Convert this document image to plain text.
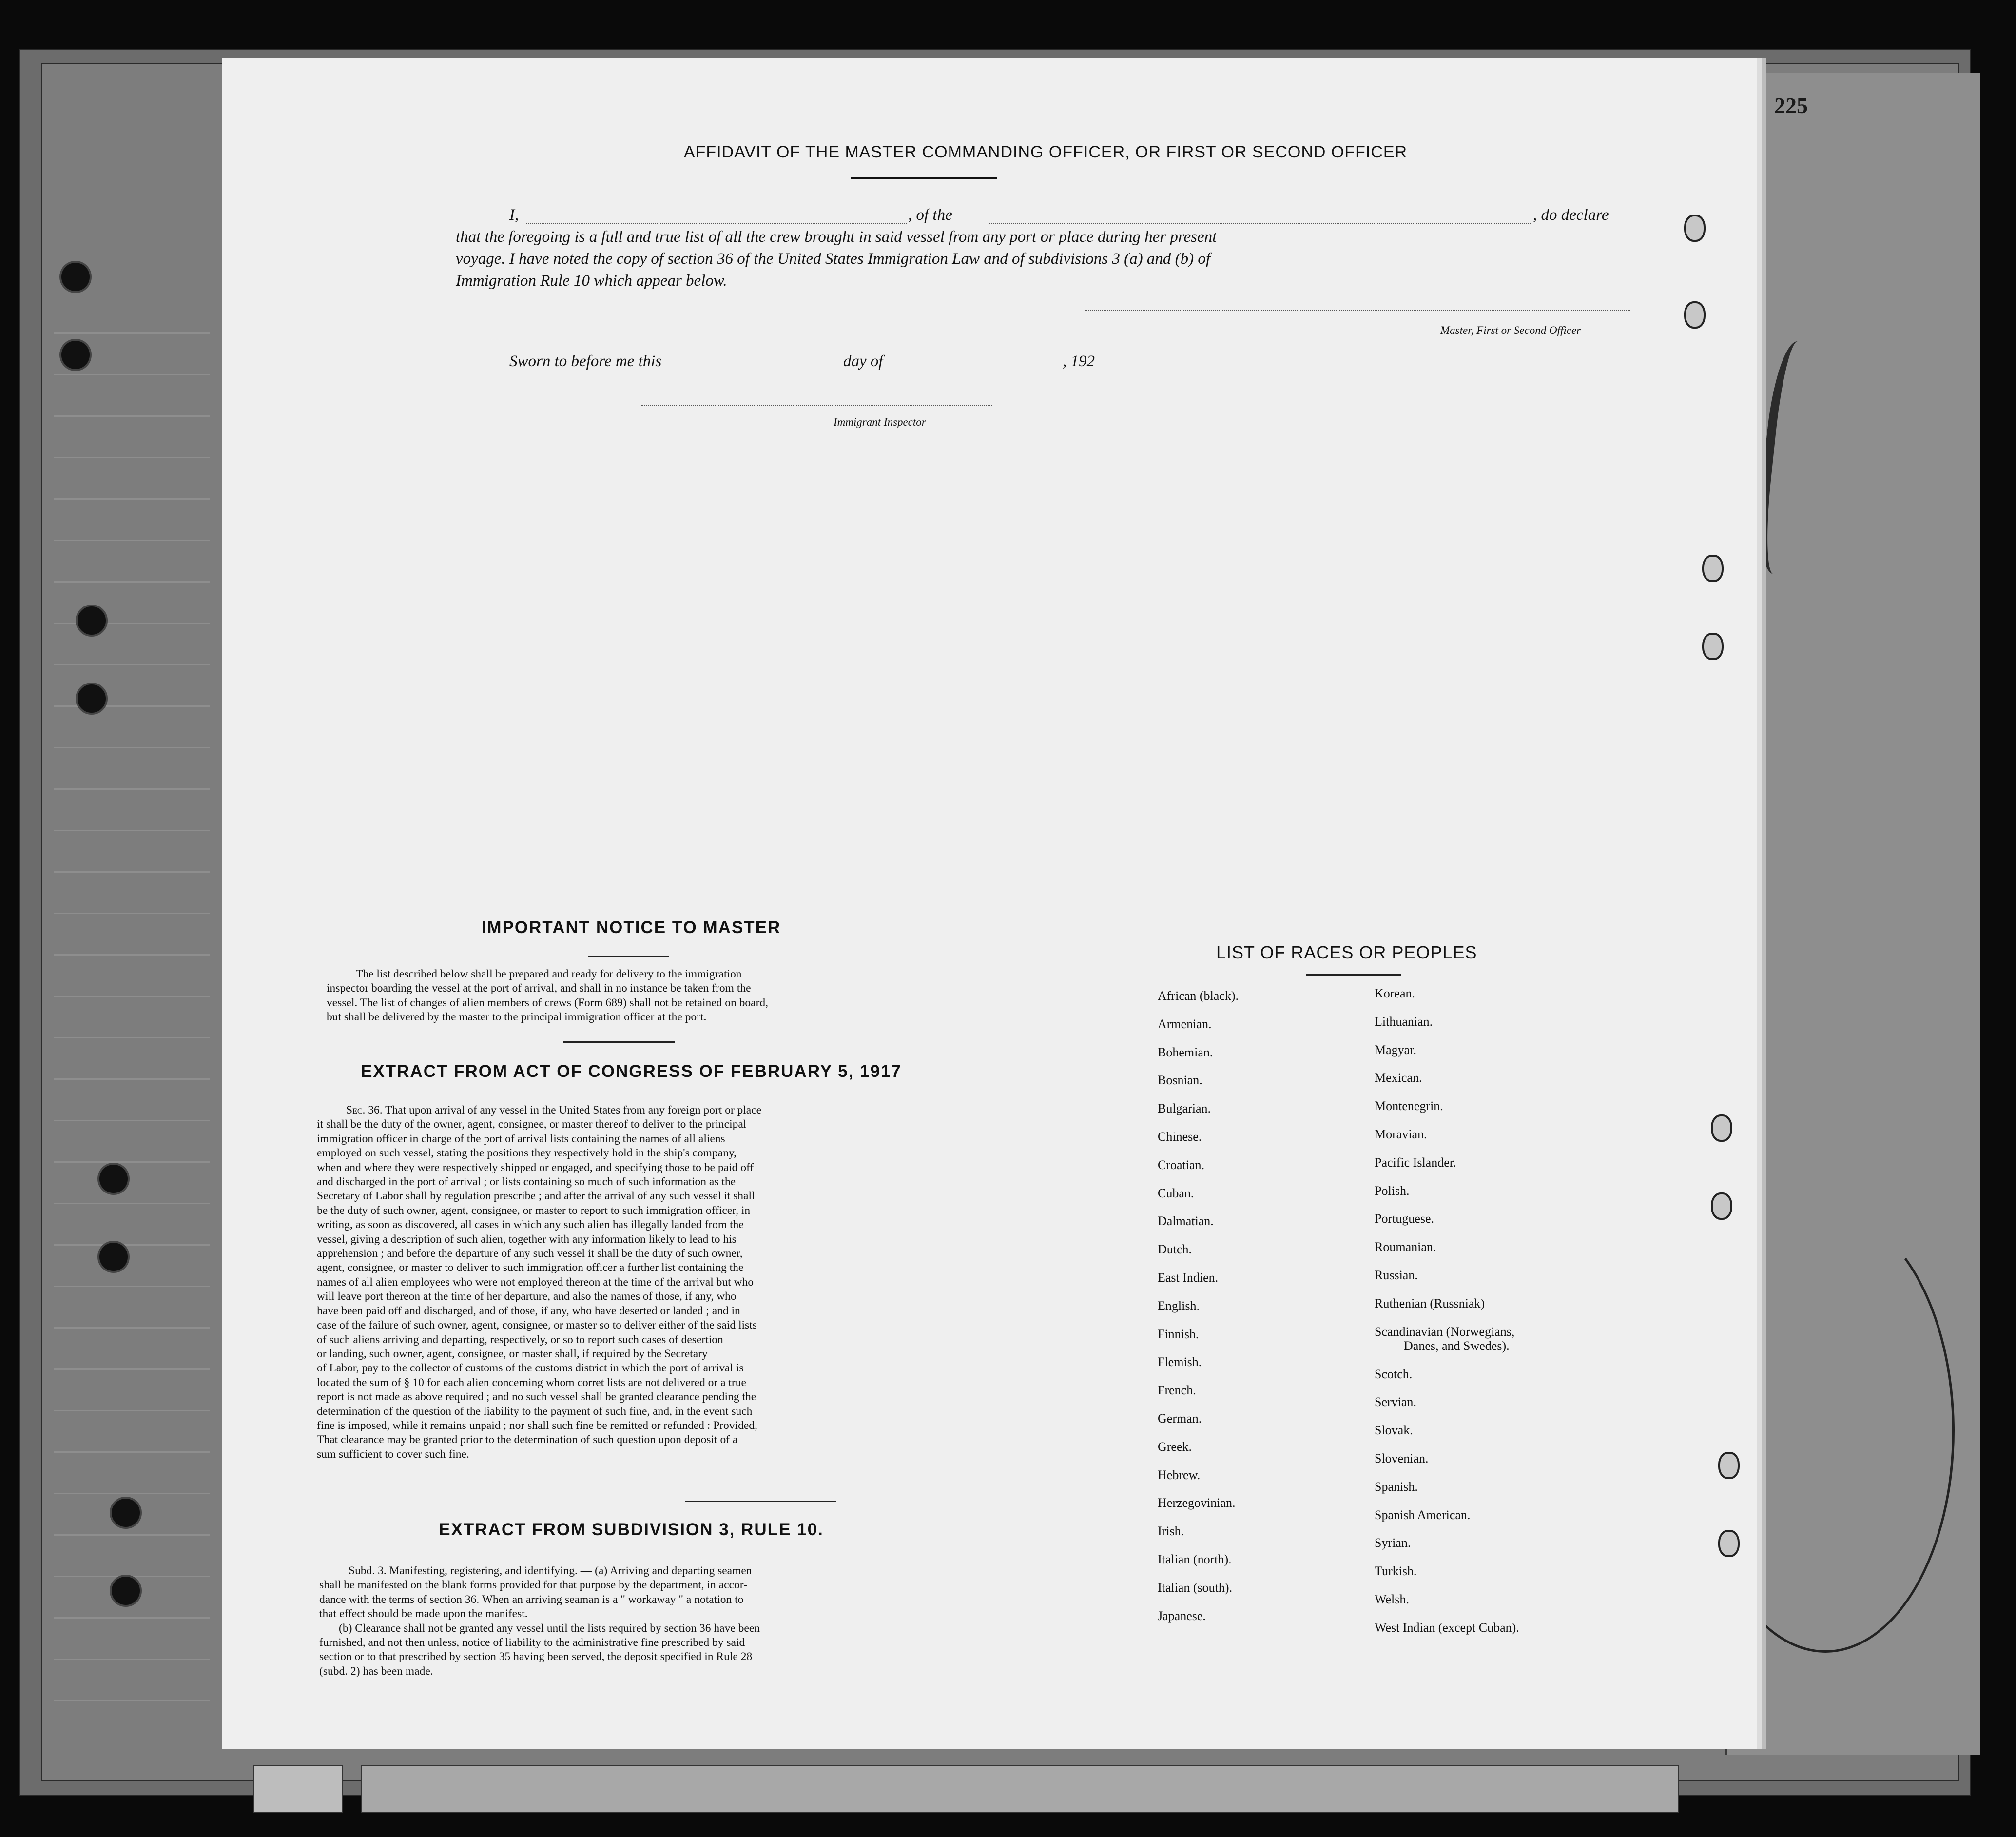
225
AFFIDAVIT OF THE MASTER COMMANDING OFFICER, OR FIRST OR SECOND OFFICER
I,	, of the	, do declare
that the foregoing is a full and true list of all the crew brought in said vessel from any port or place during her present
voyage. I have noted the copy of section 36 of the United States Immigration Law and of subdivisions 3 (a) and (b) of
Immigration Rule 10 which appear below.
Master, First or Second Officer
Sworn to before me this	day of	, 192
Immigrant Inspector
IMPORTANT NOTICE TO MASTER
The list described below shall be prepared and ready for delivery to the immigration
inspector boarding the vessel at the port of arrival, and shall in no instance be taken from the
vessel. The list of changes of alien members of crews (Form 689) shall not be retained on board,
but shall be delivered by the master to the principal immigration officer at the port.
EXTRACT FROM ACT OF CONGRESS OF FEBRUARY 5, 1917
Sec. 36. That upon arrival of any vessel in the United States from any foreign port or place
it shall be the duty of the owner, agent, consignee, or master thereof to deliver to the principal
immigration officer in charge of the port of arrival lists containing the names of all aliens
employed on such vessel, stating the positions they respectively hold in the ship's company,
when and where they were respectively shipped or engaged, and specifying those to be paid off
and discharged in the port of arrival ; or lists containing so much of such information as the
Secretary of Labor shall by regulation prescribe ; and after the arrival of any such vessel it shall
be the duty of such owner, agent, consignee, or master to report to such immigration officer, in
writing, as soon as discovered, all cases in which any such alien has illegally landed from the
vessel, giving a description of such alien, together with any information likely to lead to his
apprehension ; and before the departure of any such vessel it shall be the duty of such owner,
agent, consignee, or master to deliver to such immigration officer a further list containing the
names of all alien employees who were not employed thereon at the time of the arrival but who
will leave port thereon at the time of her departure, and also the names of those, if any, who
have been paid off and discharged, and of those, if any, who have deserted or landed ; and in
case of the failure of such owner, agent, consignee, or master so to deliver either of the said lists
of such aliens arriving and departing, respectively, or so to report such cases of desertion
or landing, such owner, agent, consignee, or master shall, if required by the Secretary
of Labor, pay to the collector of customs of the customs district in which the port of arrival is
located the sum of § 10 for each alien concerning whom corret lists are not delivered or a true
report is not made as above required ; and no such vessel shall be granted clearance pending the
determination of the question of the liability to the payment of such fine, and, in the event such
fine is imposed, while it remains unpaid ; nor shall such fine be remitted or refunded : Provided,
That clearance may be granted prior to the determination of such question upon deposit of a
sum sufficient to cover such fine.
EXTRACT FROM SUBDIVISION 3, RULE 10.
Subd. 3. Manifesting, registering, and identifying. — (a) Arriving and departing seamen
shall be manifested on the blank forms provided for that purpose by the department, in accor-
dance with the terms of section 36. When an arriving seaman is a " workaway " a notation to
that effect should be made upon the manifest.
(b) Clearance shall not be granted any vessel until the lists required by section 36 have been
furnished, and not then unless, notice of liability to the administrative fine prescribed by said
section or to that prescribed by section 35 having been served, the deposit specified in Rule 28
(subd. 2) has been made.
LIST OF RACES OR PEOPLES
African (black).
Armenian.
Bohemian.
Bosnian.
Bulgarian.
Chinese.
Croatian.
Cuban.
Dalmatian.
Dutch.
East Indien.
English.
Finnish.
Flemish.
French.
German.
Greek.
Hebrew.
Herzegovinian.
Irish.
Italian (north).
Italian (south).
Japanese.
Korean.
Lithuanian.
Magyar.
Mexican.
Montenegrin.
Moravian.
Pacific Islander.
Polish.
Portuguese.
Roumanian.
Russian.
Ruthenian (Russniak)
Scandinavian (Norwegians,
Danes, and Swedes).
Scotch.
Servian.
Slovak.
Slovenian.
Spanish.
Spanish American.
Syrian.
Turkish.
Welsh.
West Indian (except Cuban).
